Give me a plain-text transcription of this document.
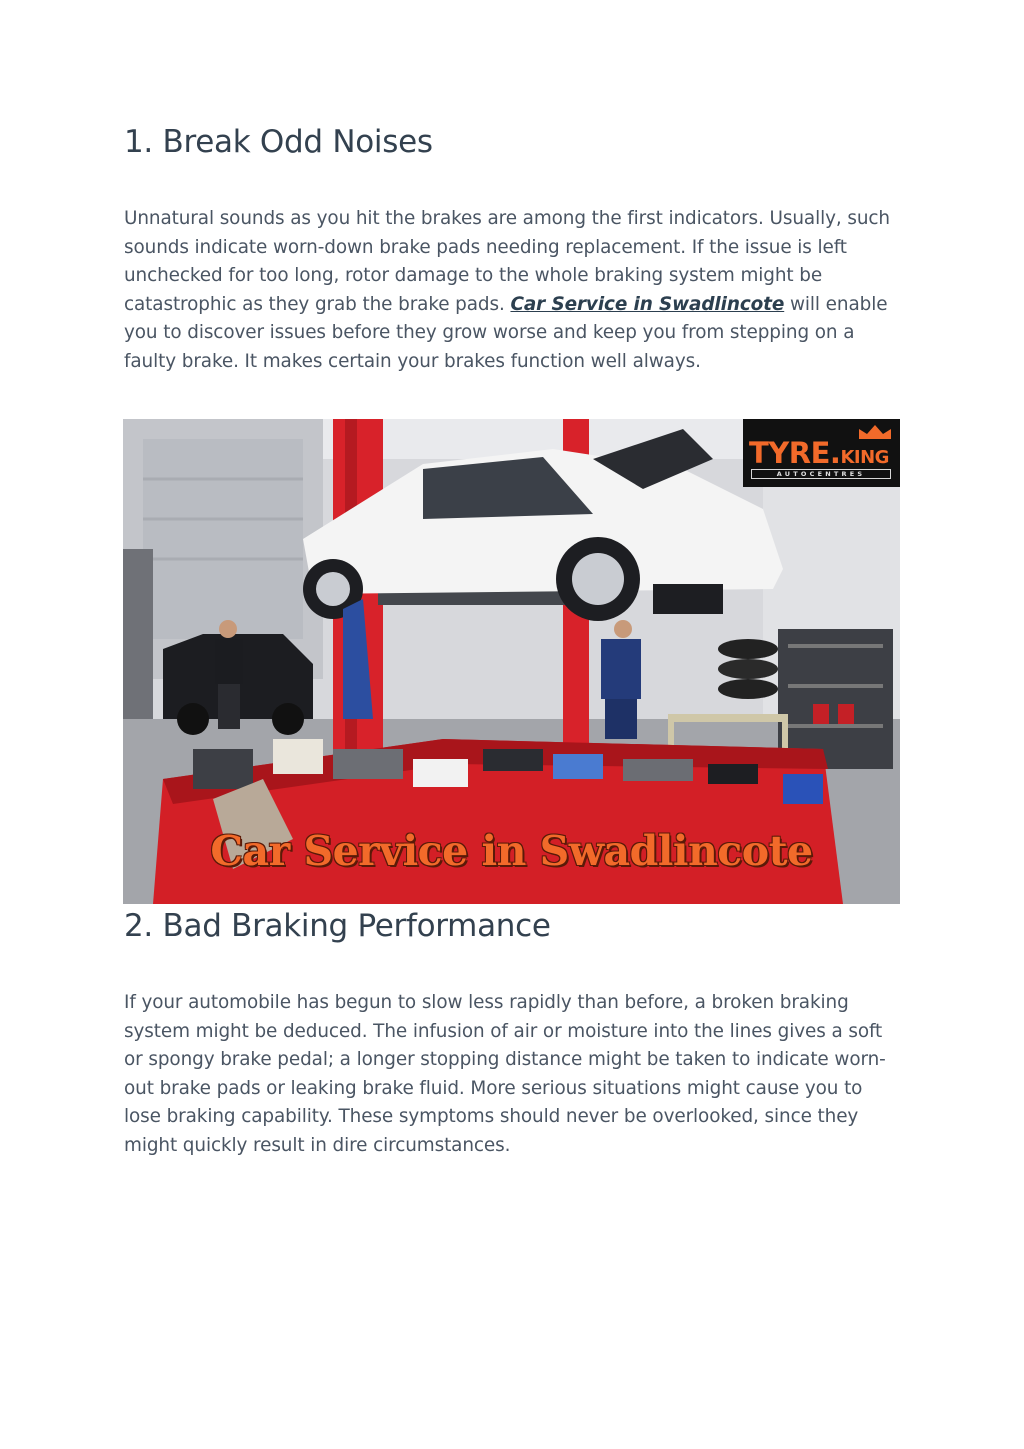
1. Break Odd Noises

Unnatural sounds as you hit the brakes are among the first indicators. Usually, such sounds indicate worn-down brake pads needing replacement. If the issue is left unchecked for too long, rotor damage to the whole braking system might be catastrophic as they grab the brake pads. Car Service in Swadlincote will enable you to discover issues before they grow worse and keep you from stepping on a faulty brake. It makes certain your brakes function well always.

TYRE.KING
AUTOCENTRES
Car Service in Swadlincote
2. Bad Braking Performance

If your automobile has begun to slow less rapidly than before, a broken braking system might be deduced. The infusion of air or moisture into the lines gives a soft or spongy brake pedal; a longer stopping distance might be taken to indicate worn-out brake pads or leaking brake fluid. More serious situations might cause you to lose braking capability. These symptoms should never be overlooked, since they might quickly result in dire circumstances.
